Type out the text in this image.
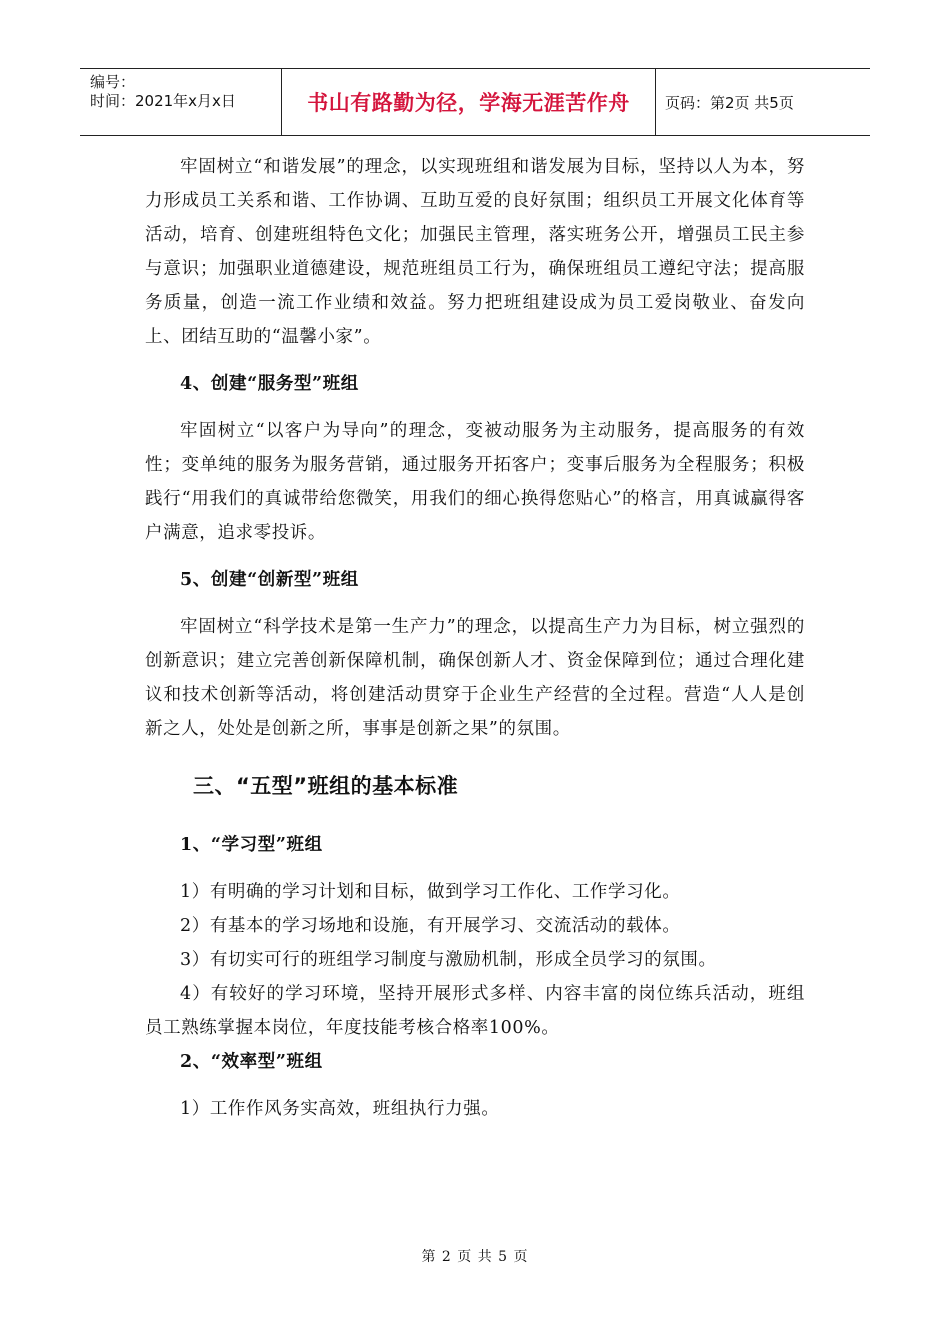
编号：
时间：2021年x月x日	书山有路勤为径，学海无涯苦作舟	页码：第2页 共5页

牢固树立“和谐发展”的理念，以实现班组和谐发展为目标，坚持以人为本，努力形成员工关系和谐、工作协调、互助互爱的良好氛围；组织员工开展文化体育等活动，培育、创建班组特色文化；加强民主管理，落实班务公开，增强员工民主参与意识；加强职业道德建设，规范班组员工行为，确保班组员工遵纪守法；提高服务质量，创造一流工作业绩和效益。努力把班组建设成为员工爱岗敬业、奋发向上、团结互助的“温馨小家”。

4、创建“服务型”班组

牢固树立“以客户为导向”的理念，变被动服务为主动服务，提高服务的有效性；变单纯的服务为服务营销，通过服务开拓客户；变事后服务为全程服务；积极践行“用我们的真诚带给您微笑，用我们的细心换得您贴心”的格言，用真诚赢得客户满意，追求零投诉。

5、创建“创新型”班组

牢固树立“科学技术是第一生产力”的理念，以提高生产力为目标，树立强烈的创新意识；建立完善创新保障机制，确保创新人才、资金保障到位；通过合理化建议和技术创新等活动，将创建活动贯穿于企业生产经营的全过程。营造“人人是创新之人，处处是创新之所，事事是创新之果”的氛围。

三、“五型”班组的基本标准

1、“学习型”班组

1）有明确的学习计划和目标，做到学习工作化、工作学习化。

2）有基本的学习场地和设施，有开展学习、交流活动的载体。

3）有切实可行的班组学习制度与激励机制，形成全员学习的氛围。

4）有较好的学习环境，坚持开展形式多样、内容丰富的岗位练兵活动，班组员工熟练掌握本岗位，年度技能考核合格率100%。

2、“效率型”班组

1）工作作风务实高效，班组执行力强。

第 2 页 共 5 页
